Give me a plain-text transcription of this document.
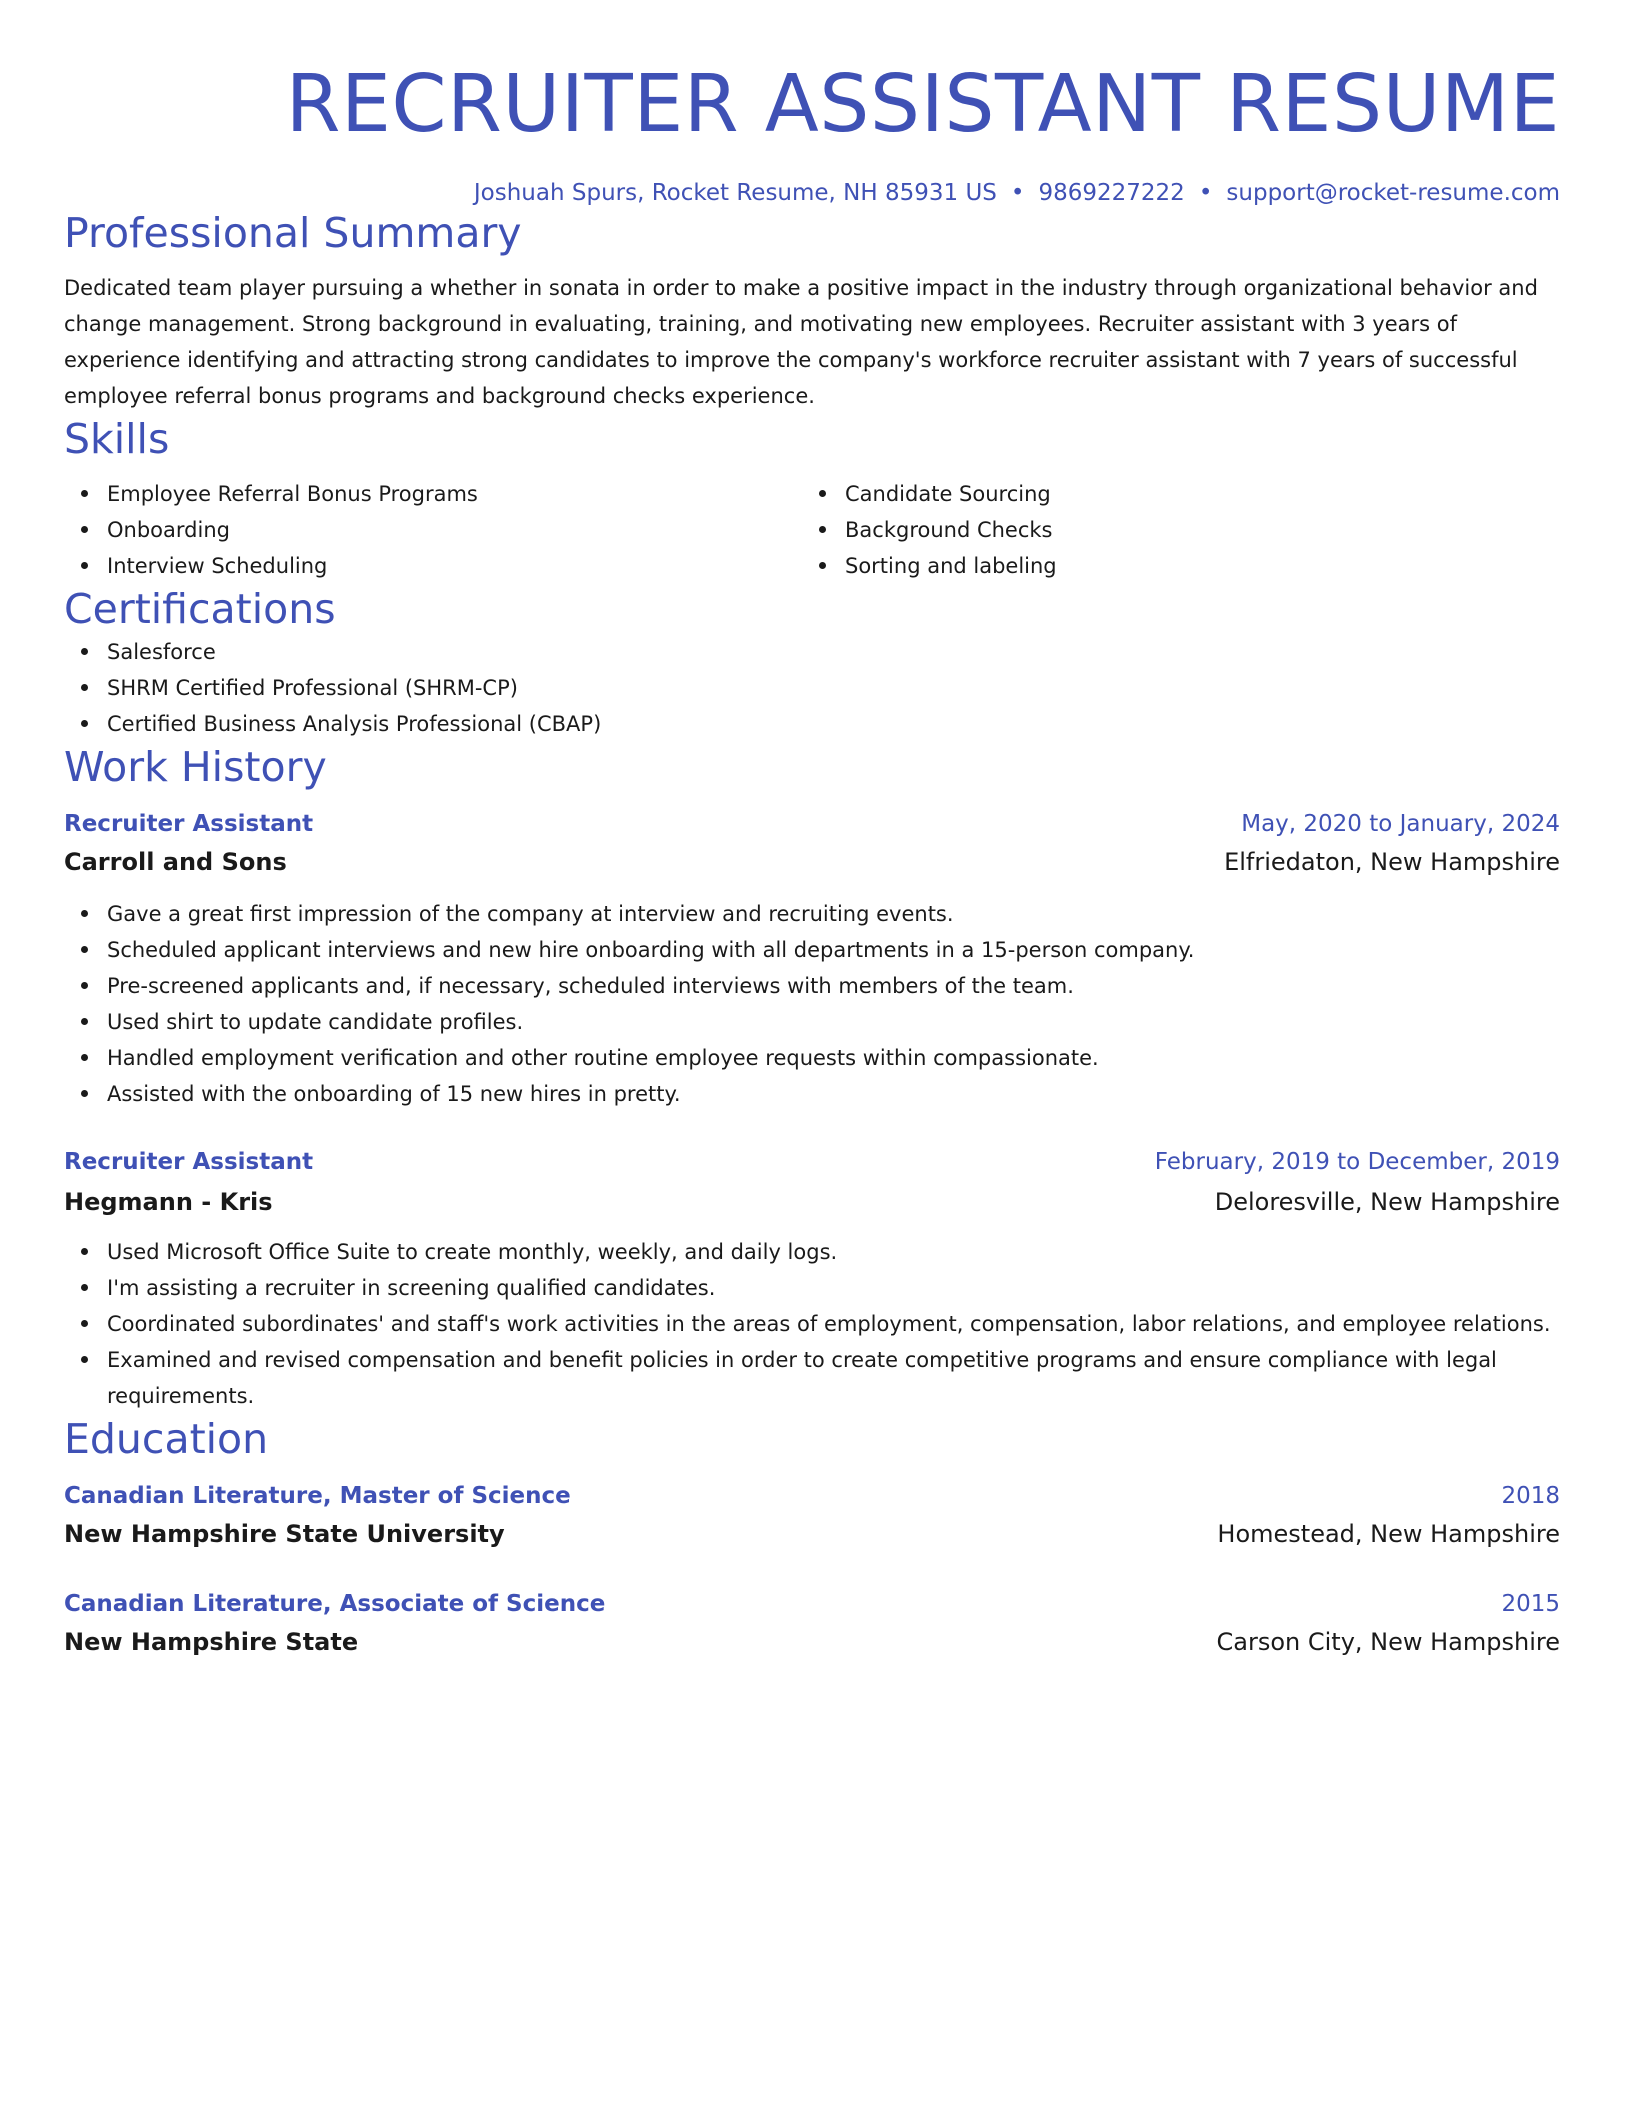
RECRUITER ASSISTANT RESUME
Joshuah Spurs, Rocket Resume, NH 85931 US • 9869227222 • support@rocket-resume.com
Professional Summary
Dedicated team player pursuing a whether in sonata in order to make a positive impact in the industry through organizational behavior and change management. Strong background in evaluating, training, and motivating new employees. Recruiter assistant with 3 years of experience identifying and attracting strong candidates to improve the company's workforce recruiter assistant with 7 years of successful employee referral bonus programs and background checks experience.
Skills
Employee Referral Bonus Programs
Onboarding
Interview Scheduling
Candidate Sourcing
Background Checks
Sorting and labeling
Certifications
Salesforce
SHRM Certified Professional (SHRM-CP)
Certified Business Analysis Professional (CBAP)
Work History
Recruiter Assistant	May, 2020 to January, 2024
Carroll and Sons	Elfriedaton, New Hampshire
Gave a great first impression of the company at interview and recruiting events.
Scheduled applicant interviews and new hire onboarding with all departments in a 15-person company.
Pre-screened applicants and, if necessary, scheduled interviews with members of the team.
Used shirt to update candidate profiles.
Handled employment verification and other routine employee requests within compassionate.
Assisted with the onboarding of 15 new hires in pretty.
Recruiter Assistant	February, 2019 to December, 2019
Hegmann - Kris	Deloresville, New Hampshire
Used Microsoft Office Suite to create monthly, weekly, and daily logs.
I'm assisting a recruiter in screening qualified candidates.
Coordinated subordinates' and staff's work activities in the areas of employment, compensation, labor relations, and employee relations.
Examined and revised compensation and benefit policies in order to create competitive programs and ensure compliance with legal requirements.
Education
Canadian Literature, Master of Science	2018
New Hampshire State University	Homestead, New Hampshire
Canadian Literature, Associate of Science	2015
New Hampshire State	Carson City, New Hampshire
